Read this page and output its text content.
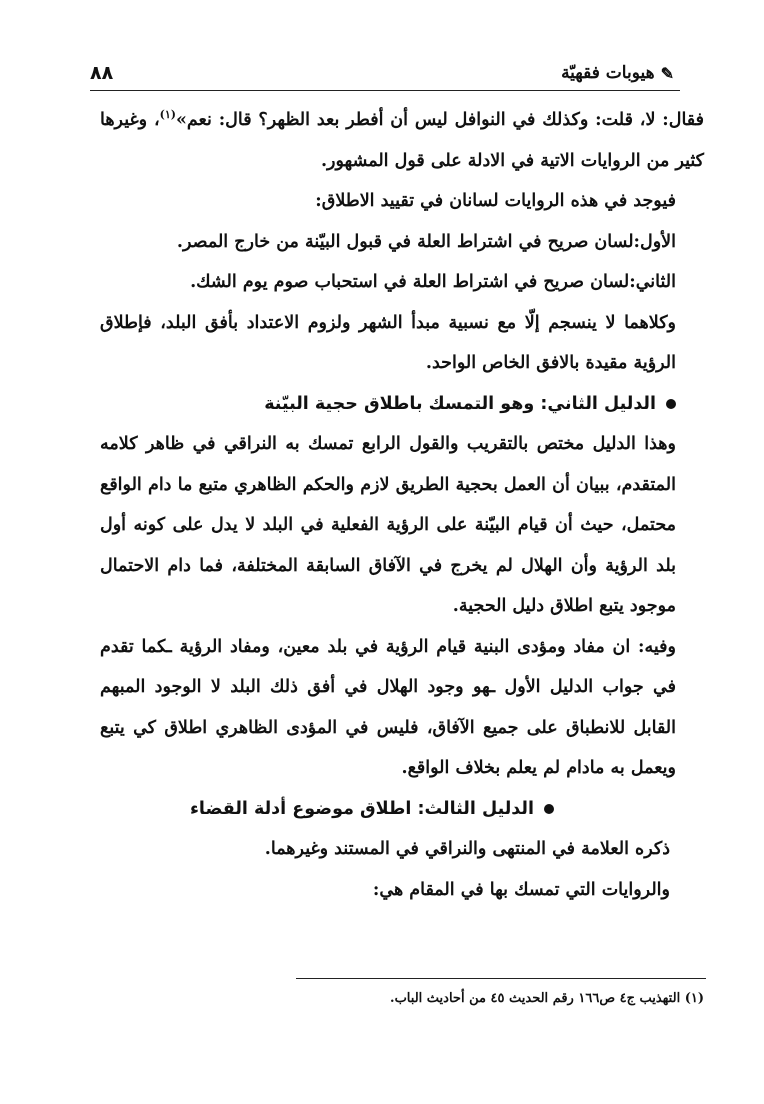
✎
هيوبات فقهيّة
٨٨

فقال: لا، قلت: وكذلك في النوافل ليس أن أفطر بعد الظهر؟ قال: نعم»$^{(١)}$، وغيرها كثير من الروايات الاتية في الادلة على قول المشهور.

فيوجد في هذه الروايات لسانان في تقييد الاطلاق:

الأول:لسان صريح في اشتراط العلة في قبول البيّنة من خارج المصر.

الثاني:لسان صريح في اشتراط العلة في استحباب صوم يوم الشك.

وكلاهما لا ينسجم إلّا مع نسبية مبدأ الشهر ولزوم الاعتداد بأفق البلد، فإطلاق الرؤية مقيدة بالافق الخاص الواحد.

الدليل الثاني: وهو التمسك باطلاق حجية البيّنة

وهذا الدليل مختص بالتقريب والقول الرابع تمسك به النراقي في ظاهر كلامه المتقدم، ببيان أن العمل بحجية الطريق لازم والحكم الظاهري متبع ما دام الواقع محتمل، حيث أن قيام البيّنة على الرؤية الفعلية في البلد لا يدل على كونه أول بلد الرؤية وأن الهلال لم يخرج في الآفاق السابقة المختلفة، فما دام الاحتمال موجود يتبع اطلاق دليل الحجية.

وفيه: ان مفاد ومؤدى البنية قيام الرؤية في بلد معين، ومفاد الرؤية ـكما تقدم في جواب الدليل الأول ـهو وجود الهلال في أفق ذلك البلد لا الوجود المبهم القابل للانطباق على جميع الآفاق، فليس في المؤدى الظاهري اطلاق كي يتبع ويعمل به مادام لم يعلم بخلاف الواقع.

الدليل الثالث: اطلاق موضوع أدلة القضاء

ذكره العلامة في المنتهى والنراقي في المستند وغيرهما.

والروايات التي تمسك بها في المقام هي:

(١) التهذيب ج٤ ص١٦٦ رقم الحديث ٤٥ من أحاديث الباب.
